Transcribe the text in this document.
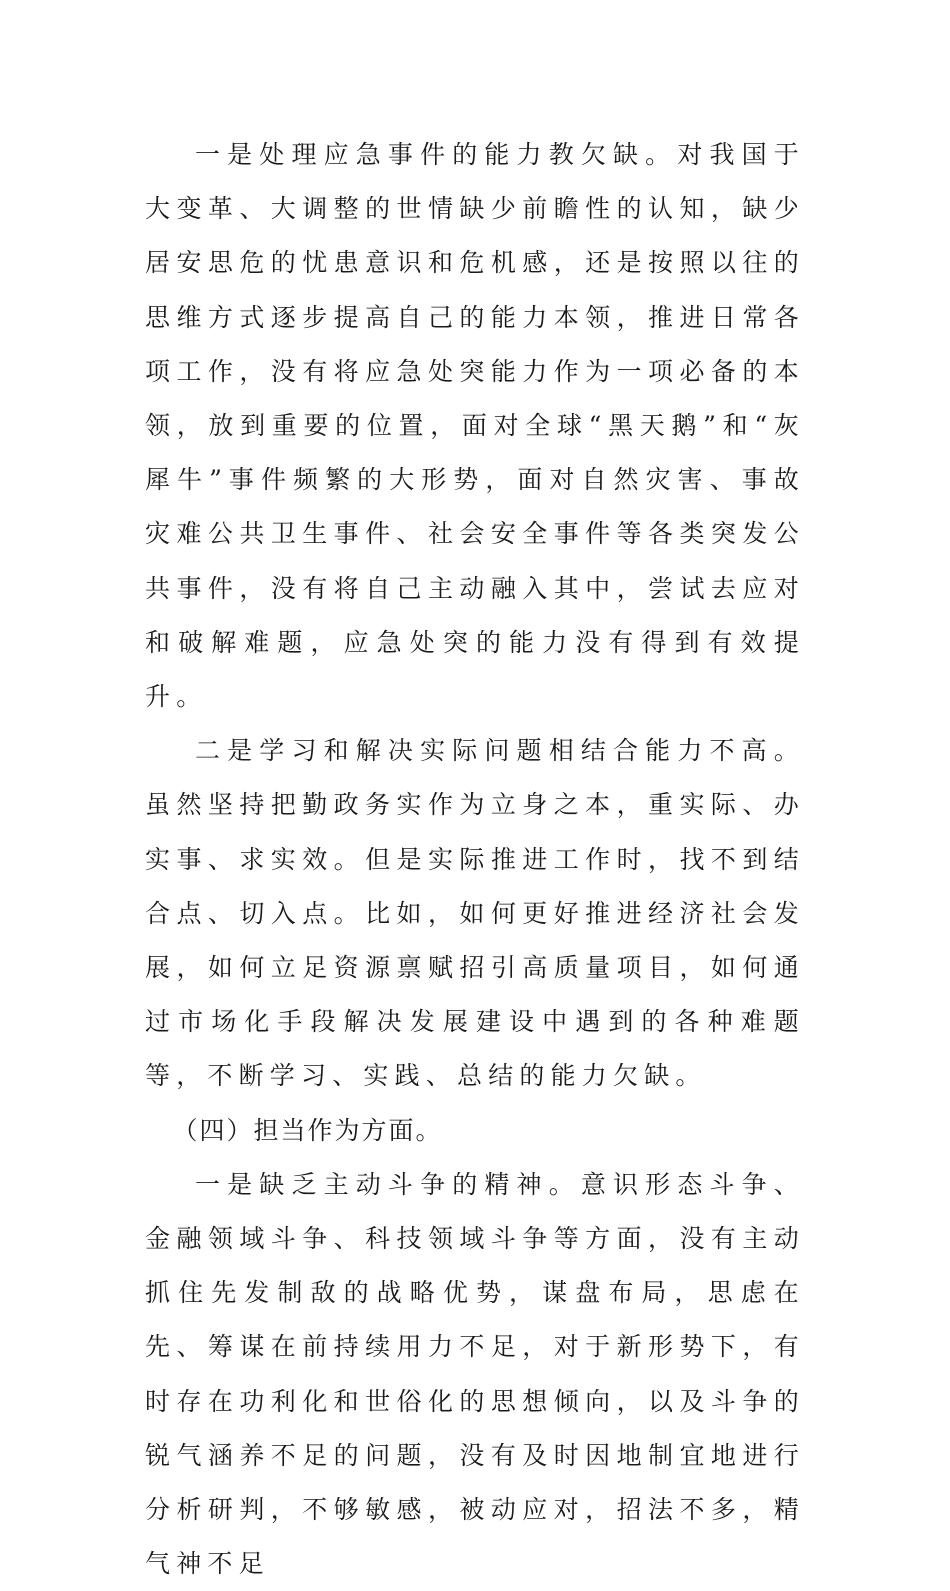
一是处理应急事件的能力教欠缺。对我国于大变革、大调整的世情缺少前瞻性的认知，缺少居安思危的忧患意识和危机感，还是按照以往的思维方式逐步提高自己的能力本领，推进日常各项工作，没有将应急处突能力作为一项必备的本领，放到重要的位置，面对全球“黑天鹅”和“灰犀牛”事件频繁的大形势，面对自然灾害、事故灾难公共卫生事件、社会安全事件等各类突发公共事件，没有将自己主动融入其中，尝试去应对和破解难题，应急处突的能力没有得到有效提升。

二是学习和解决实际问题相结合能力不高。虽然坚持把勤政务实作为立身之本，重实际、办实事、求实效。但是实际推进工作时，找不到结合点、切入点。比如，如何更好推进经济社会发展，如何立足资源禀赋招引高质量项目，如何通过市场化手段解决发展建设中遇到的各种难题等，不断学习、实践、总结的能力欠缺。

（四）担当作为方面。

一是缺乏主动斗争的精神。意识形态斗争、金融领域斗争、科技领域斗争等方面，没有主动抓住先发制敌的战略优势，谋盘布局，思虑在先、筹谋在前持续用力不足，对于新形势下，有时存在功利化和世俗化的思想倾向，以及斗争的锐气涵养不足的问题，没有及时因地制宜地进行分析研判，不够敏感，被动应对，招法不多，精气神不足
